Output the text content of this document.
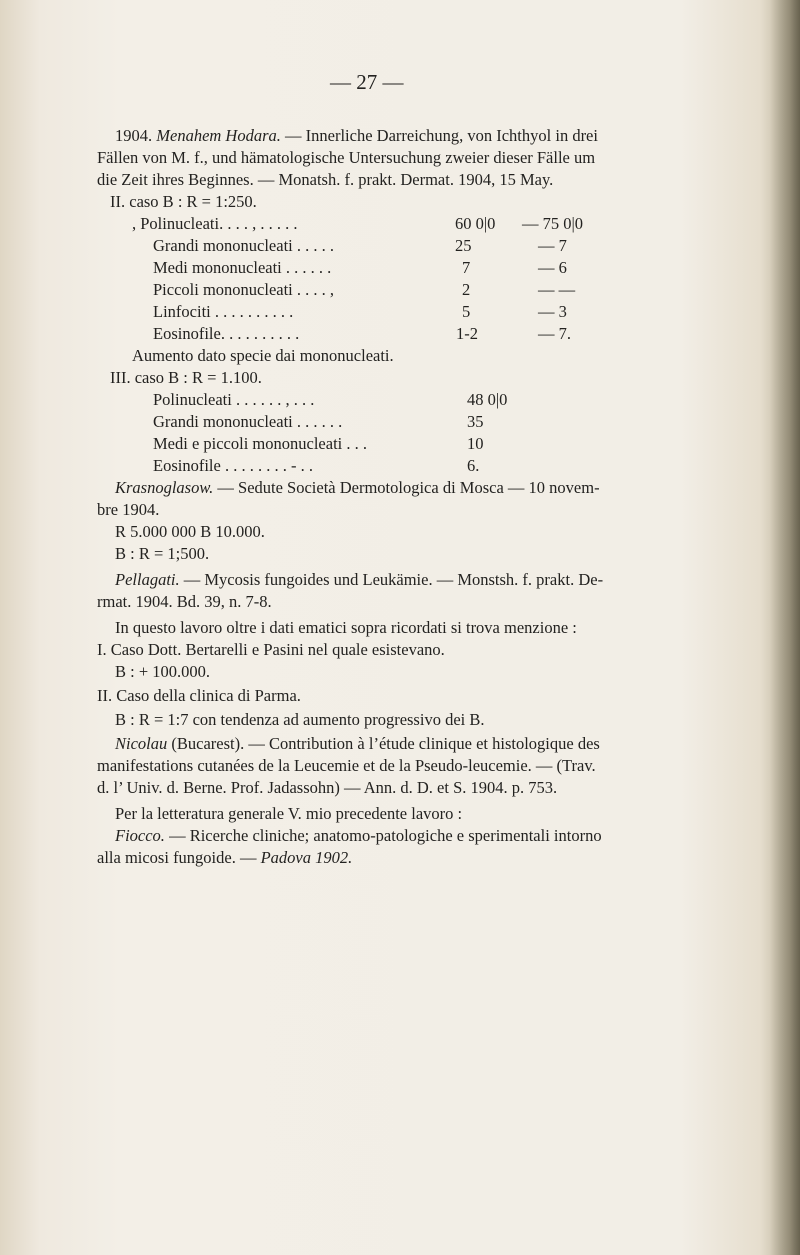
— 27 —
1904. Menahem Hodara. — Innerliche Darreichung, von Ichthyol in drei
Fällen von M. f., und hämatologische Untersuchung zweier dieser Fälle um
die Zeit ihres Beginnes. — Monatsh. f. prakt. Dermat. 1904, 15 May.
II. caso B : R = 1:250.
, Polinucleati. . . . , . . . . .	60 0|0 — 75 0|0
Grandi mononucleati . . . . .	25	— 7
Medi mononucleati . . . . . .	7	— 6
Piccoli mononucleati . . . . ,	2	— —
Linfociti . . . . . . . . . .	5	— 3
Eosinofile. . . . . . . . . .	1-2	— 7.
Aumento dato specie dai mononucleati.
III. caso B : R = 1.100.
Polinucleati . . . . . . , . . .	48 0|0
Grandi mononucleati . . . . . .	35
Medi e piccoli mononucleati . . .	10
Eosinofile . . . . . . . . - . .	6.
Krasnoglasow. — Sedute Società Dermotologica di Mosca — 10 novem-
bre 1904.
R 5.000 000 B 10.000.
B : R = 1;500.
Pellagati. — Mycosis fungoides und Leukämie. — Monstsh. f. prakt. De-
rmat. 1904. Bd. 39, n. 7-8.
In questo lavoro oltre i dati ematici sopra ricordati si trova menzione :
I. Caso Dott. Bertarelli e Pasini nel quale esistevano.
B : + 100.000.
II. Caso della clinica di Parma.
B : R = 1:7 con tendenza ad aumento progressivo dei B.
Nicolau (Bucarest). — Contribution à l’étude clinique et histologique des
manifestations cutanées de la Leucemie et de la Pseudo-leucemie. — (Trav.
d. l’ Univ. d. Berne. Prof. Jadassohn) — Ann. d. D. et S. 1904. p. 753.
Per la letteratura generale V. mio precedente lavoro :
Fiocco. — Ricerche cliniche; anatomo-patologiche e sperimentali intorno
alla micosi fungoide. — Padova 1902.
